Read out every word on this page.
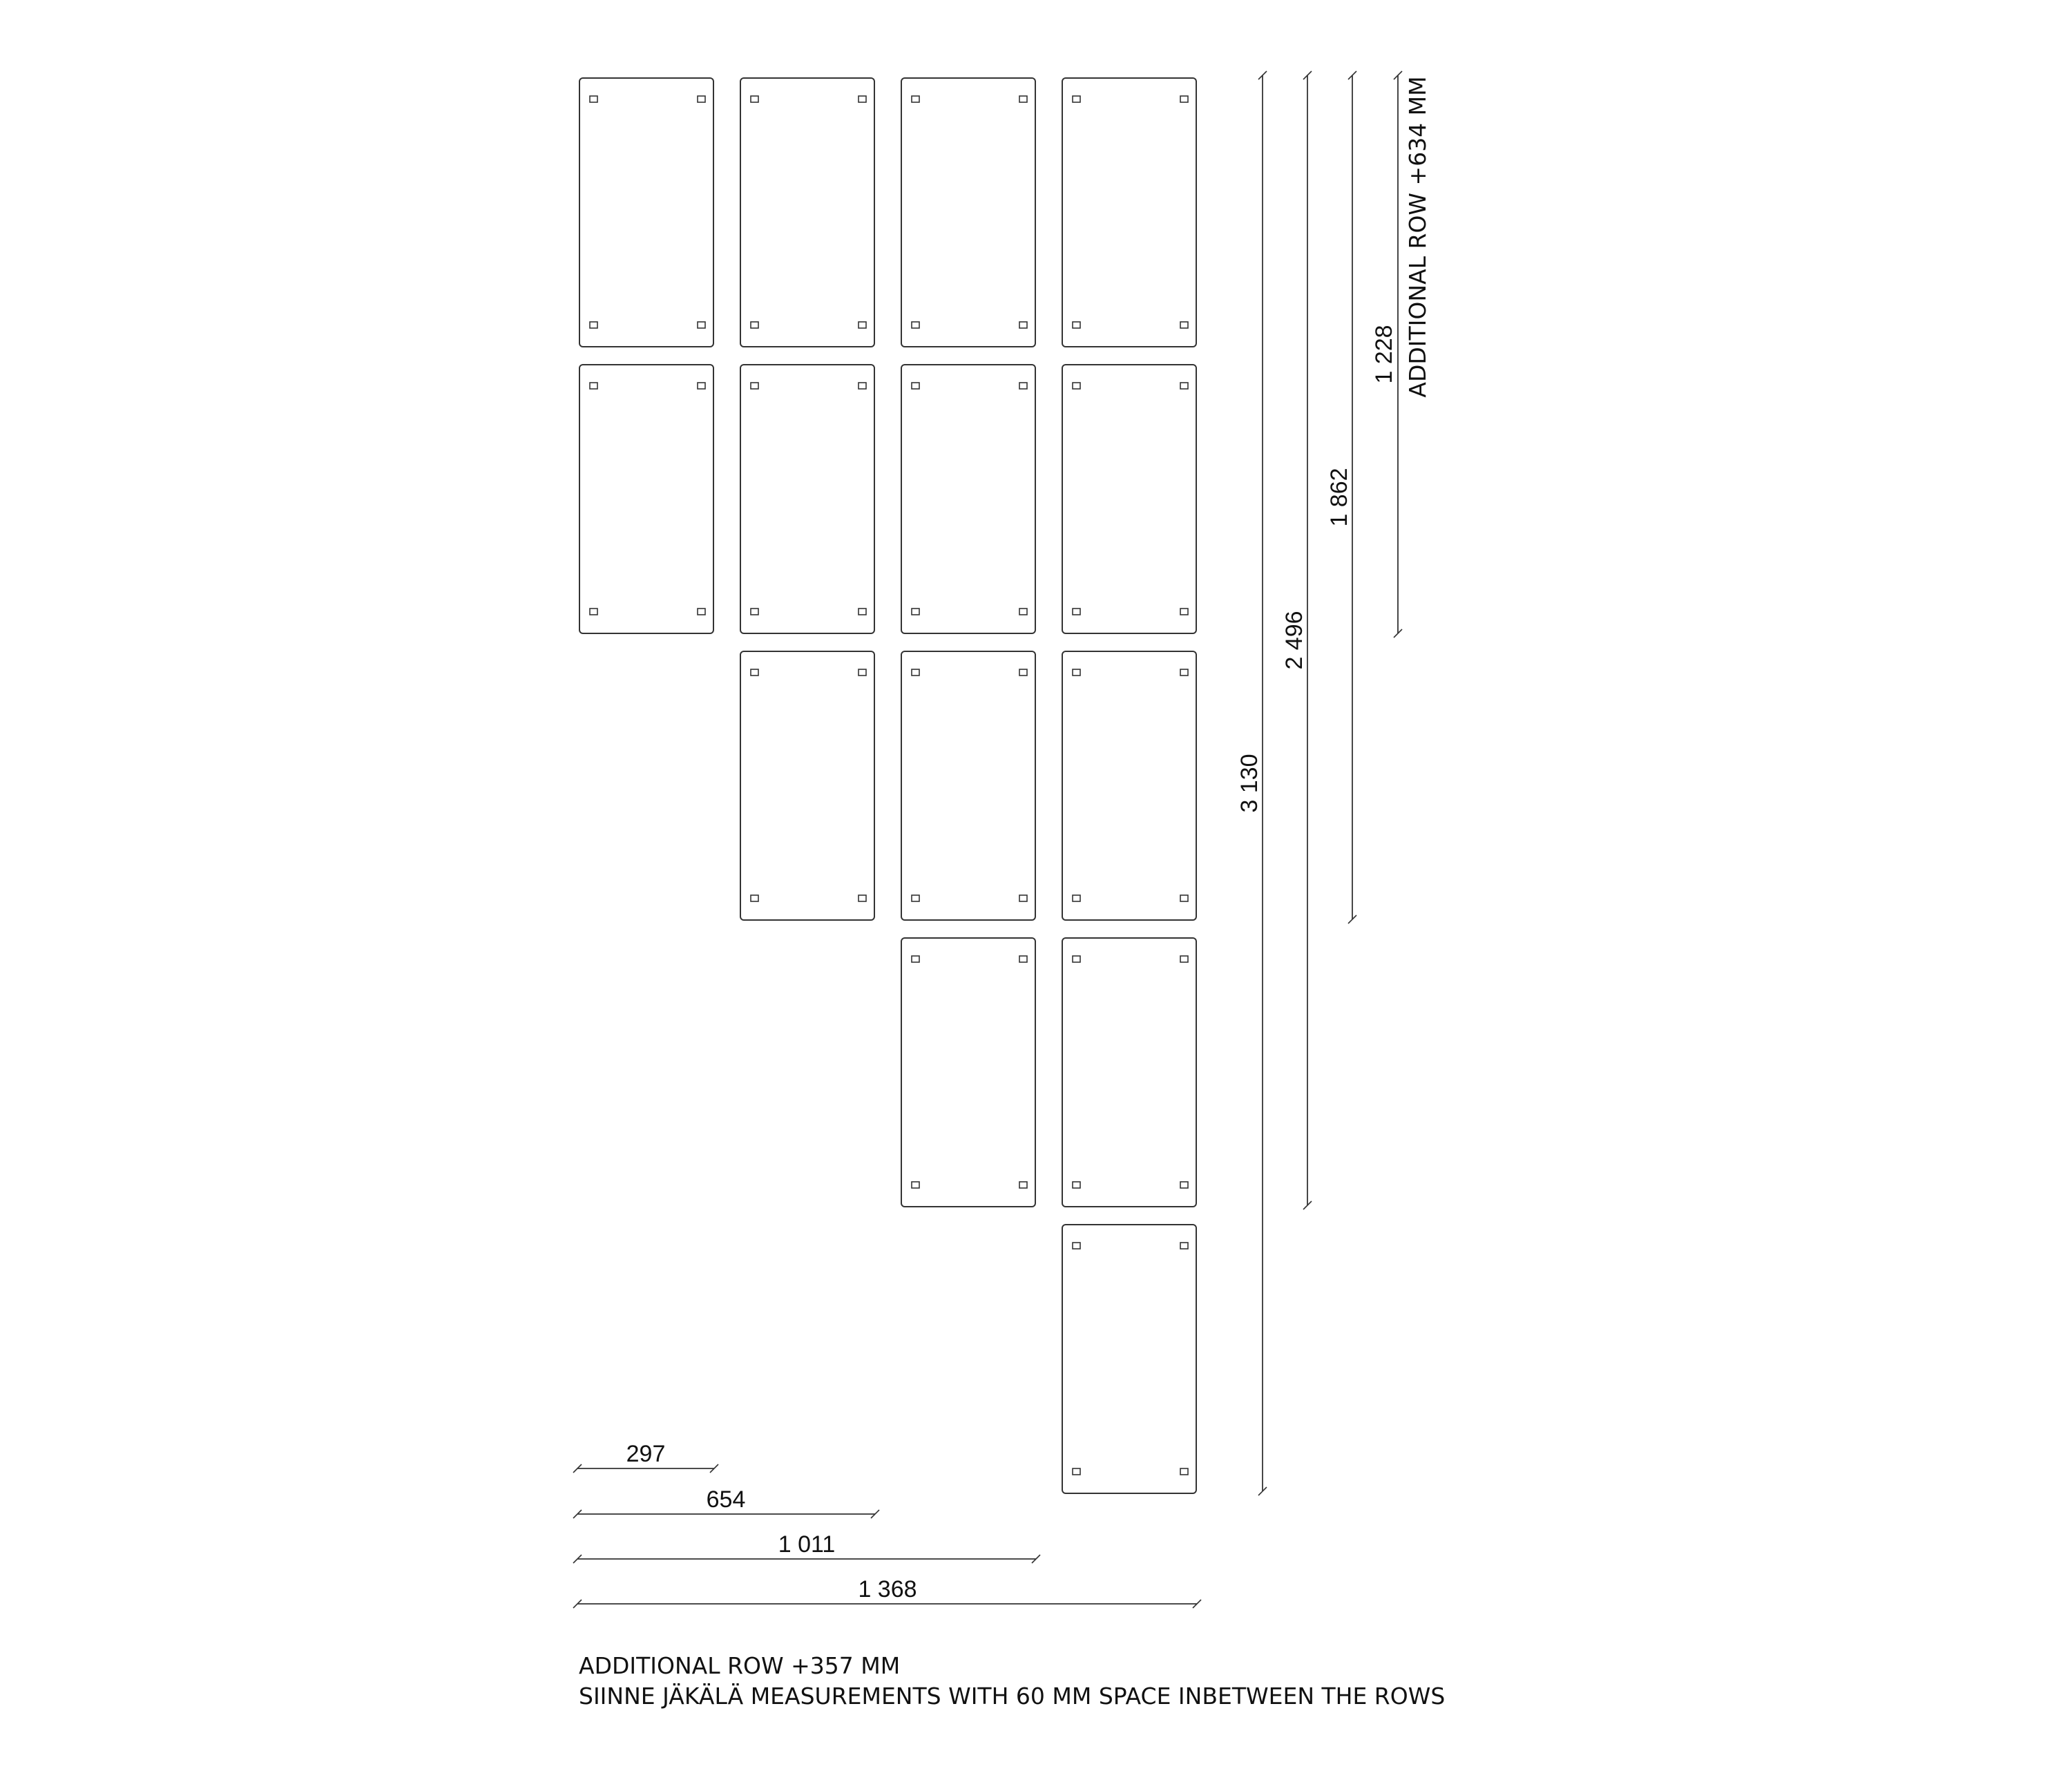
297
654
1 011
1 368
3 130
2 496
1 862
1 228 ADDITIONAL ROW +634 MM
ADDITIONAL ROW +357 MM
SIINNE JÄKÄLÄ MEASUREMENTS WITH 60 MM SPACE INBETWEEN THE ROWS
